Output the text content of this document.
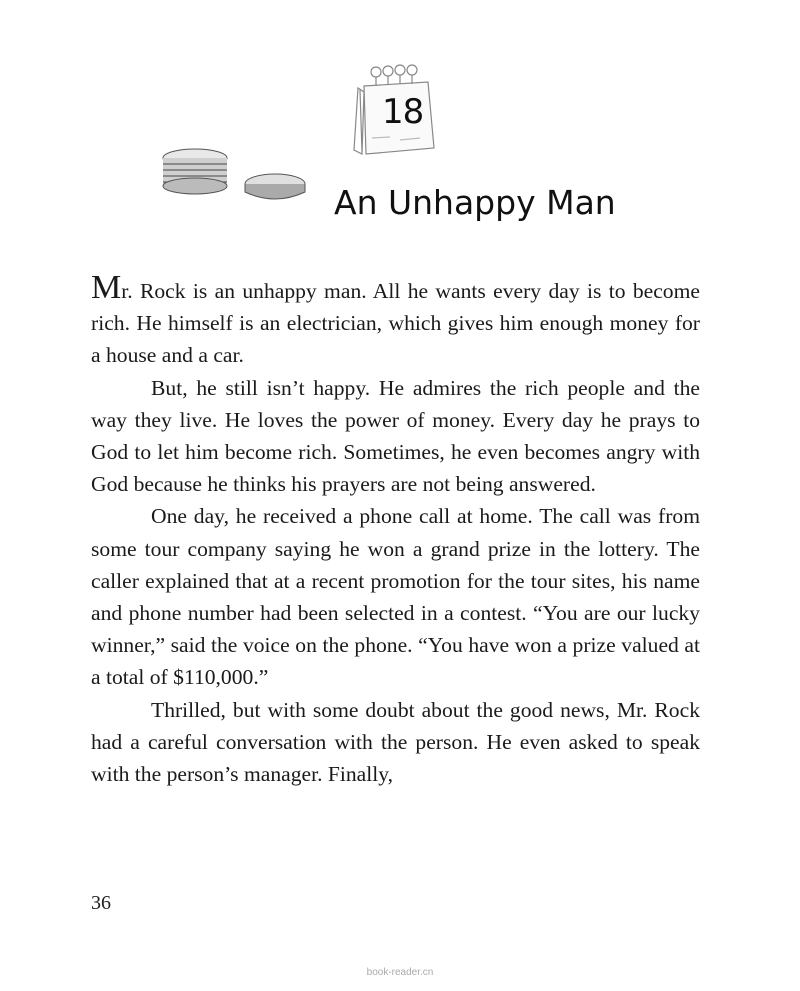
18
An Unhappy Man

Mr. Rock is an unhappy man. All he wants every day is to become rich. He himself is an electrician, which gives him enough money for a house and a car.

But, he still isn’t happy. He admires the rich people and the way they live. He loves the power of money. Every day he prays to God to let him become rich. Sometimes, he even becomes angry with God because he thinks his prayers are not being answered.

One day, he received a phone call at home. The call was from some tour company saying he won a grand prize in the lottery. The caller explained that at a recent promotion for the tour sites, his name and phone number had been selected in a contest. “You are our lucky winner,” said the voice on the phone. “You have won a prize valued at a total of $110,000.”

Thrilled, but with some doubt about the good news, Mr. Rock had a careful conversation with the person. He even asked to speak with the person’s manager. Finally,

36
book-reader.cn
